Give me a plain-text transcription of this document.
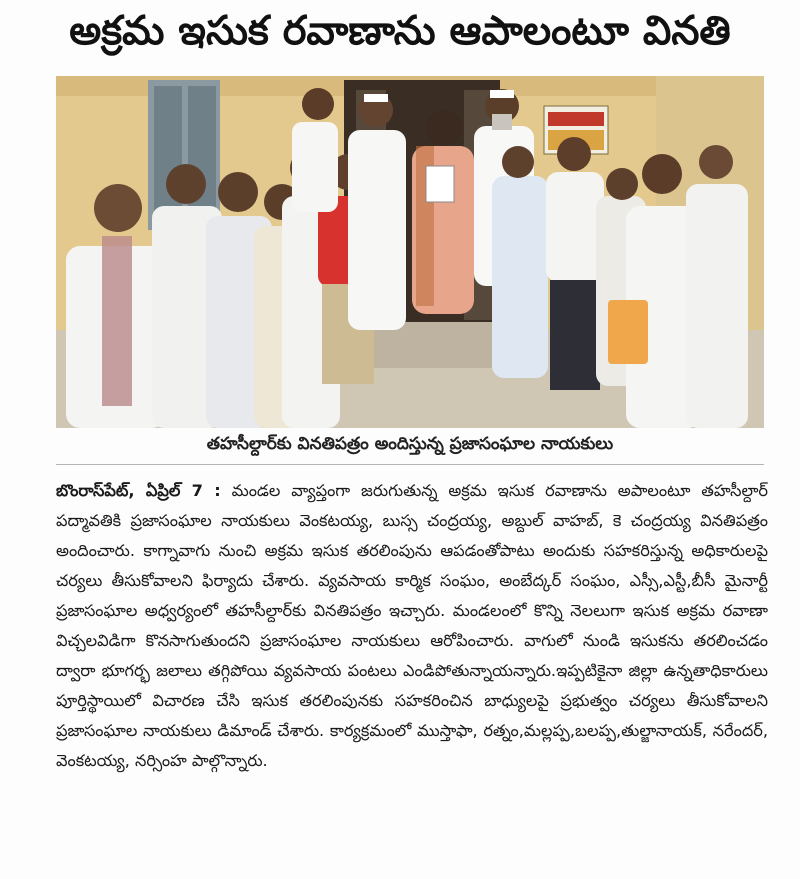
అక్రమ ఇసుక రవాణాను ఆపాలంటూ వినతి
తహసీల్దార్‌కు వినతిపత్రం అందిస్తున్న ప్రజాసంఘాల నాయకులు
బొంరాస్‌పేట్, ఏప్రిల్ 7 : మండల వ్యాప్తంగా జరుగుతున్న అక్రమ ఇసుక రవాణాను అపాలంటూ తహసీల్దార్ పద్మావతికి ప్రజాసంఘాల నాయకులు వెంకటయ్య, బుస్స చంద్రయ్య, అబ్దుల్ వాహబ్, కె చంద్రయ్య వినతిపత్రం అందించారు. కాగ్నావాగు నుంచి అక్రమ ఇసుక తరలింపును ఆపడంతోపాటు అందుకు సహకరిస్తున్న అధికారులపై చర్యలు తీసుకోవాలని ఫిర్యాదు చేశారు. వ్యవసాయ కార్మిక సంఘం, అంబేద్కర్ సంఘం, ఎస్సీ,ఎస్టీ,బీసీ మైనార్టీ ప్రజాసంఘాల అధ్వర్యంలో తహసీల్దార్‌కు వినతిపత్రం ఇచ్చారు. మండలంలో కొన్ని నెలలుగా ఇసుక అక్రమ రవాణా విచ్చలవిడిగా కొనసాగుతుందని ప్రజాసంఘాల నాయకులు ఆరోపించారు. వాగులో నుండి ఇసుకను తరలించడం ద్వారా భూగర్భ జలాలు తగ్గిపోయి వ్యవసాయ పంటలు ఎండిపోతున్నాయన్నారు.ఇప్పటికైనా జిల్లా ఉన్నతాధికారులు పూర్తిస్థాయిలో విచారణ చేసి ఇసుక తరలింపునకు సహకరించిన బాధ్యులపై ప్రభుత్వం చర్యలు తీసుకోవాలని ప్రజాసంఘాల నాయకులు డిమాండ్ చేశారు. కార్యక్రమంలో ముస్తాఫా, రత్నం,మల్లప్ప,బలప్ప,తుల్జానాయక్, నరేందర్, వెంకటయ్య, నర్సింహ పాల్గొన్నారు.
